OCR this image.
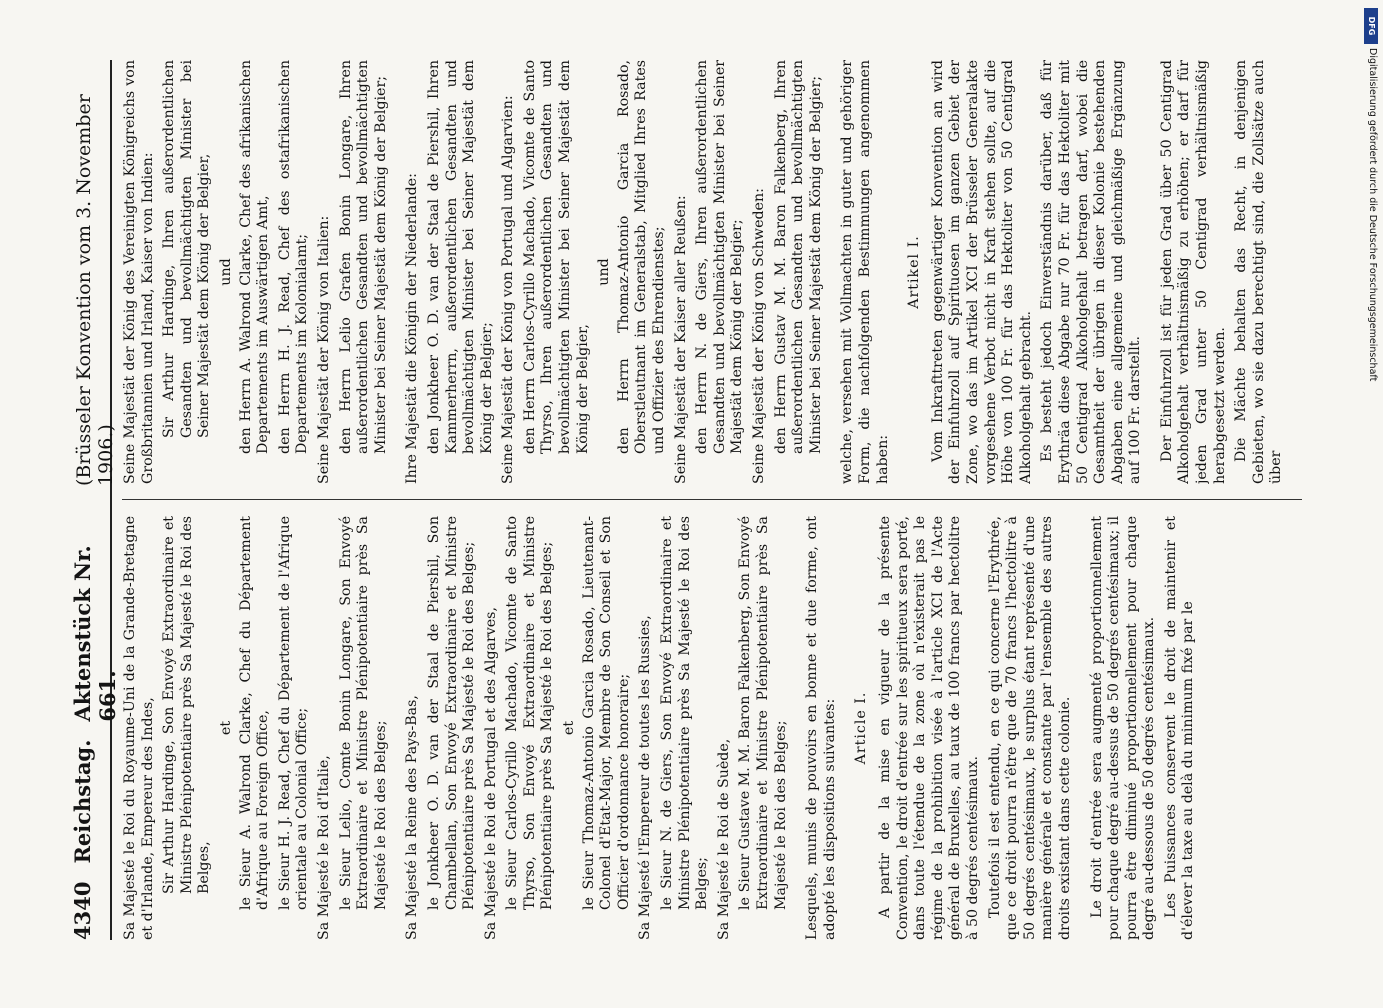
4340
Reichstag.
Aktenstück Nr. 661.
(Brüsseler Konvention vom 3. November 1906.)

Sa Majesté le Roi du Royaume-Uni de la Grande-Bretagne et d'Irlande, Empereur des Indes, Sir Arthur Hardinge, Son Envoyé Extraordinaire et Ministre Plénipotentiaire près Sa Majesté le Roi des Belges,

et le Sieur A. Walrond Clarke, Chef du Département d'Afrique au Foreign Office, le Sieur H. J. Read, Chef du Département de l'Afrique orientale au Colonial Office; Sa Majesté le Roi d'Italie, le Sieur Lelio, Comte Bonin Longare, Son Envoyé Extraordinaire et Ministre Plénipotentiaire près Sa Majesté le Roi des Belges; Sa Majesté la Reine des Pays-Bas, le Jonkheer O. D. van der Staal de Piershil, Son Chambellan, Son Envoyé Extraordinaire et Ministre Plénipotentiaire près Sa Majesté le Roi des Belges; Sa Majesté le Roi de Portugal et des Algarves, le Sieur Carlos-Cyrillo Machado, Vicomte de Santo Thyrso, Son Envoyé Extraordinaire et Ministre Plénipotentiaire près Sa Majesté le Roi des Belges; et le Sieur Thomaz-Antonio Garcia Rosado, Lieutenant-Colonel d'Etat-Major, Membre de Son Conseil et Son Officier d'ordonnance honoraire; Sa Majesté l'Empereur de toutes les Russies, le Sieur N. de Giers, Son Envoyé Extraordinaire et Ministre Plénipotentiaire près Sa Majesté le Roi des Belges; Sa Majesté le Roi de Suède, le Sieur Gustave M. M. Baron Falkenberg, Son Envoyé Extraordinaire et Ministre Plénipotentiaire près Sa Majesté le Roi des Belges; Lesquels, munis de pouvoirs en bonne et due forme, ont adopté les dispositions suivantes: Article I. A partir de la mise en vigueur de la présente Convention, le droit d'entrée sur les spiritueux sera porté, dans toute l'étendue de la zone où n'existerait pas le régime de la prohibition visée à l'article XCI de l'Acte général de Bruxelles, au taux de 100 francs par hectolitre à 50 degrés centésimaux. Toutefois il est entendu, en ce qui concerne l'Erythrée, que ce droit pourra n'être que de 70 francs l'hectolitre à 50 degrés centésimaux, le surplus étant représenté d'une manière générale et constante par l'ensemble des autres droits existant dans cette colonie. Le droit d'entrée sera augmenté proportionnellement pour chaque degré au-dessus de 50 degrés centésimaux; il pourra être diminué proportionnellement pour chaque degré au-dessous de 50 degrés centésimaux. Les Puissances conservent le droit de maintenir et d'élever la taxe au delà du minimum fixé par le

Seine Majestät der König des Vereinigten Königreichs von Großbritannien und Irland, Kaiser von Indien: Sir Arthur Hardinge, Ihren außerordentlichen Gesandten und bevollmächtigten Minister bei Seiner Majestät dem König der Belgier, und den Herrn A. Walrond Clarke, Chef des afrikanischen Departements im Auswärtigen Amt, den Herrn H. J. Read, Chef des ostafrikanischen Departements im Kolonialamt; Seine Majestät der König von Italien: den Herrn Lelio Grafen Bonin Longare, Ihren außerordentlichen Gesandten und bevollmächtigten Minister bei Seiner Majestät dem König der Belgier; Ihre Majestät die Königin der Niederlande: den Jonkheer O. D. van der Staal de Piershil, Ihren Kammerherrn, außerordentlichen Gesandten und bevollmächtigten Minister bei Seiner Majestät dem König der Belgier; Seine Majestät der König von Portugal und Algarvien: den Herrn Carlos-Cyrillo Machado, Vicomte de Santo Thyrso, Ihren außerordentlichen Gesandten und bevollmächtigten Minister bei Seiner Majestät dem König der Belgier,

und den Herrn Thomaz-Antonio Garcia Rosado, Oberstleutnant im Generalstab, Mitglied Ihres Rates und Offizier des Ehrendienstes; Seine Majestät der Kaiser aller Reußen: den Herrn N. de Giers, Ihren außerordentlichen Gesandten und bevollmächtigten Minister bei Seiner Majestät dem König der Belgier; Seine Majestät der König von Schweden: den Herrn Gustav M. M. Baron Falkenberg, Ihren außerordentlichen Gesandten und bevollmächtigten Minister bei Seiner Majestät dem König der Belgier; welche, versehen mit Vollmachten in guter und gehöriger Form, die nachfolgenden Bestimmungen angenommen haben:

Artikel I. Vom Inkrafttreten gegenwärtiger Konvention an wird der Einfuhrzoll auf Spirituosen im ganzen Gebiet der Zone, wo das im Artikel XCI der Brüsseler Generalakte vorgesehene Verbot nicht in Kraft stehen sollte, auf die Höhe von 100 Fr. für das Hektoliter von 50 Centigrad Alkoholgehalt gebracht. Es besteht jedoch Einverständnis darüber, daß für Erythräa diese Abgabe nur 70 Fr. für das Hektoliter mit 50 Centigrad Alkoholgehalt betragen darf, wobei die Gesamtheit der übrigen in dieser Kolonie bestehenden Abgaben eine allgemeine und gleichmäßige Ergänzung auf 100 Fr. darstellt. Der Einfuhrzoll ist für jeden Grad über 50 Centigrad Alkoholgehalt verhältnismäßig zu erhöhen; er darf für jeden Grad unter 50 Centigrad verhältnismäßig herabgesetzt werden. Die Mächte behalten das Recht, in denjenigen Gebieten, wo sie dazu berechtigt sind, die Zollsätze auch über

DFG
Digitalisierung gefördert durch die Deutsche Forschungsgemeinschaft
